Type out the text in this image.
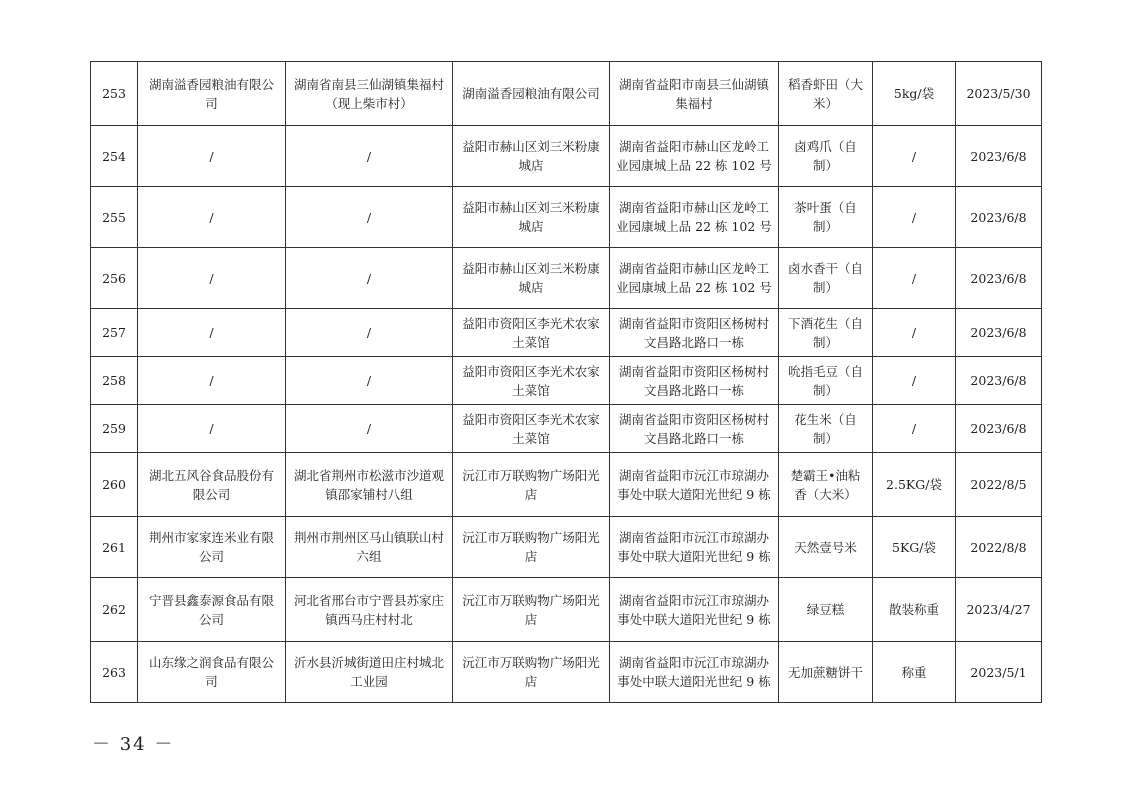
253	湖南溢香园粮油有限公司	湖南省南县三仙湖镇集福村（现上柴市村）	湖南溢香园粮油有限公司	湖南省益阳市南县三仙湖镇集福村	稻香虾田（大米）	5kg/袋	2023/5/30
254	/	/	益阳市赫山区刘三米粉康城店	湖南省益阳市赫山区龙岭工业园康城上品 22 栋 102 号	卤鸡爪（自制）	/	2023/6/8
255	/	/	益阳市赫山区刘三米粉康城店	湖南省益阳市赫山区龙岭工业园康城上品 22 栋 102 号	茶叶蛋（自制）	/	2023/6/8
256	/	/	益阳市赫山区刘三米粉康城店	湖南省益阳市赫山区龙岭工业园康城上品 22 栋 102 号	卤水香干（自制）	/	2023/6/8
257	/	/	益阳市资阳区李光术农家土菜馆	湖南省益阳市资阳区杨树村文昌路北路口一栋	下酒花生（自制）	/	2023/6/8
258	/	/	益阳市资阳区李光术农家土菜馆	湖南省益阳市资阳区杨树村文昌路北路口一栋	吮指毛豆（自制）	/	2023/6/8
259	/	/	益阳市资阳区李光术农家土菜馆	湖南省益阳市资阳区杨树村文昌路北路口一栋	花生米（自制）	/	2023/6/8
260	湖北五风谷食品股份有限公司	湖北省荆州市松滋市沙道观镇邵家铺村八组	沅江市万联购物广场阳光店	湖南省益阳市沅江市琼湖办事处中联大道阳光世纪 9 栋	楚霸王•油粘香（大米）	2.5KG/袋	2022/8/5
261	荆州市家家连米业有限公司	荆州市荆州区马山镇联山村六组	沅江市万联购物广场阳光店	湖南省益阳市沅江市琼湖办事处中联大道阳光世纪 9 栋	天然壹号米	5KG/袋	2022/8/8
262	宁晋县鑫泰源食品有限公司	河北省邢台市宁晋县苏家庄镇西马庄村村北	沅江市万联购物广场阳光店	湖南省益阳市沅江市琼湖办事处中联大道阳光世纪 9 栋	绿豆糕	散装称重	2023/4/27
263	山东缘之润食品有限公司	沂水县沂城街道田庄村城北工业园	沅江市万联购物广场阳光店	湖南省益阳市沅江市琼湖办事处中联大道阳光世纪 9 栋	无加蔗糖饼干	称重	2023/5/1
－ 34 －
